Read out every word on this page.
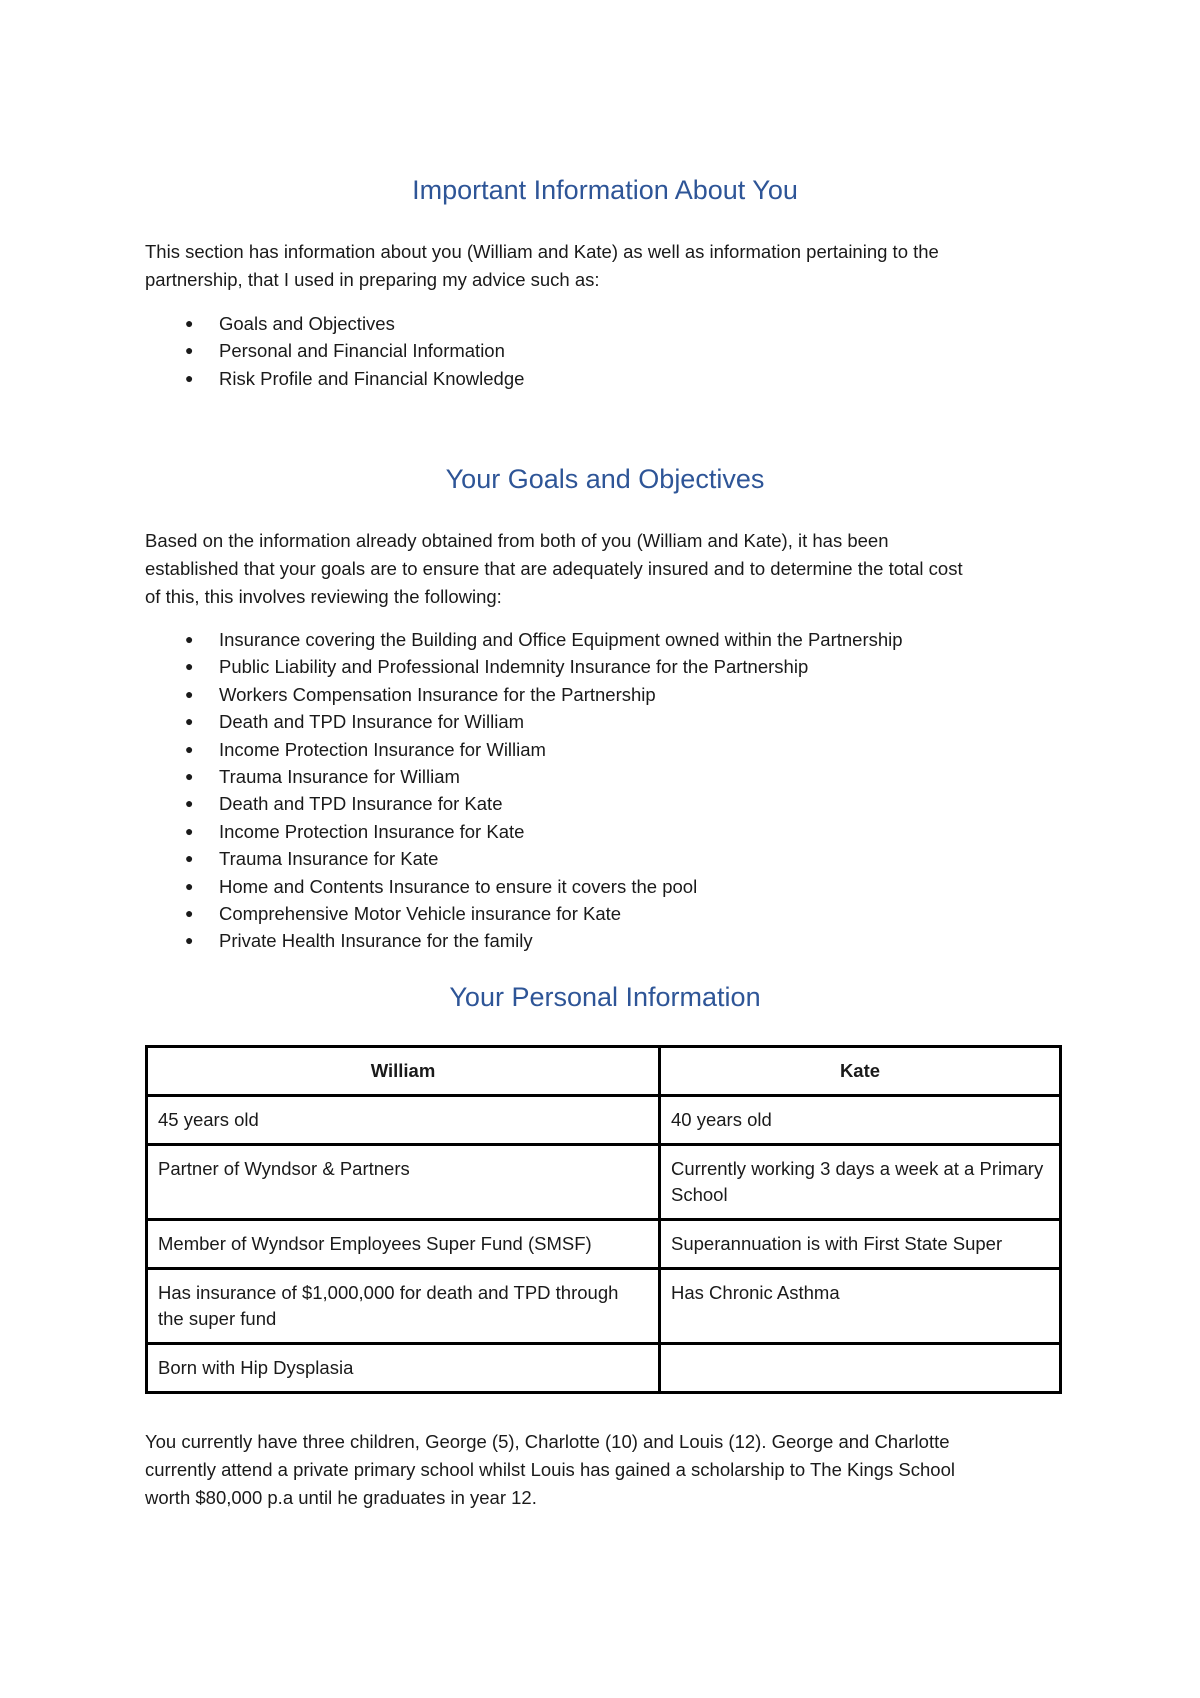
Important Information About You

This section has information about you (William and Kate) as well as information pertaining to the
partnership, that I used in preparing my advice such as:

● Goals and Objectives
● Personal and Financial Information
● Risk Profile and Financial Knowledge
Your Goals and Objectives

Based on the information already obtained from both of you (William and Kate), it has been
established that your goals are to ensure that are adequately insured and to determine the total cost
of this, this involves reviewing the following:

● Insurance covering the Building and Office Equipment owned within the Partnership
● Public Liability and Professional Indemnity Insurance for the Partnership
● Workers Compensation Insurance for the Partnership
● Death and TPD Insurance for William
● Income Protection Insurance for William
● Trauma Insurance for William
● Death and TPD Insurance for Kate
● Income Protection Insurance for Kate
● Trauma Insurance for Kate
● Home and Contents Insurance to ensure it covers the pool
● Comprehensive Motor Vehicle insurance for Kate
● Private Health Insurance for the family
Your Personal Information
William	Kate
45 years old	40 years old
Partner of Wyndsor & Partners	Currently working 3 days a week at a Primary School
Member of Wyndsor Employees Super Fund (SMSF)	Superannuation is with First State Super
Has insurance of $1,000,000 for death and TPD through the super fund	Has Chronic Asthma
Born with Hip Dysplasia	

You currently have three children, George (5), Charlotte (10) and Louis (12). George and Charlotte
currently attend a private primary school whilst Louis has gained a scholarship to The Kings School
worth $80,000 p.a until he graduates in year 12.
